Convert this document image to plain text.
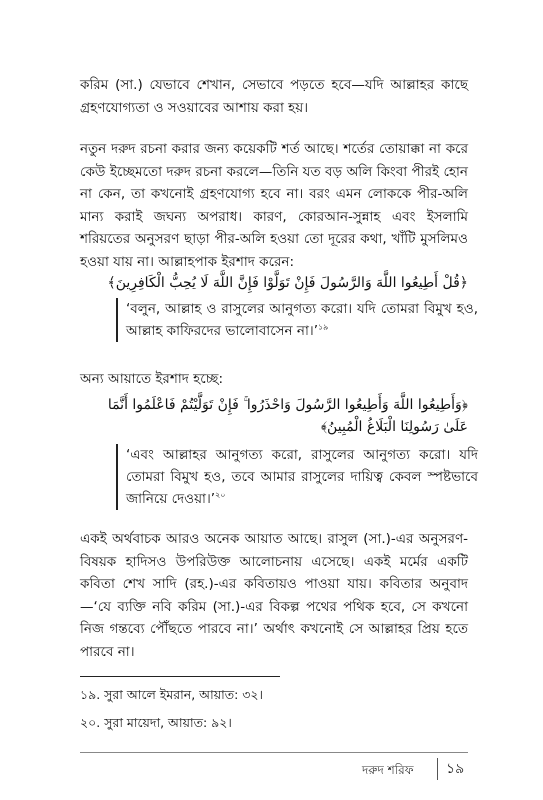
করিম (সা.) যেভাবে শেখান, সেভাবে পড়তে হবে—যদি আল্লাহর কাছে গ্রহণযোগ্যতা ও সওয়াবের আশায় করা হয়।

নতুন দরুদ রচনা করার জন্য কয়েকটি শর্ত আছে। শর্তের তোয়াক্কা না করে কেউ ইচ্ছেমতো দরুদ রচনা করলে—তিনি যত বড় অলি কিংবা পীরই হোন না কেন, তা কখনোই গ্রহণযোগ্য হবে না। বরং এমন লোককে পীর-অলি মান্য করাই জঘন্য অপরাধ। কারণ, কোরআন-সুন্নাহ এবং ইসলামি শরিয়তের অনুসরণ ছাড়া পীর-অলি হওয়া তো দূরের কথা, খাঁটি মুসলিমও হওয়া যায় না। আল্লাহপাক ইরশাদ করেন:

﴿قُلْ أَطِيعُوا اللَّهَ وَالرَّسُولَ فَإِنْ تَوَلَّوْا فَإِنَّ اللَّهَ لَا يُحِبُّ الْكَافِرِينَ﴾

‘বলুন, আল্লাহ ও রাসুলের আনুগত্য করো। যদি তোমরা বিমুখ হও, আল্লাহ কাফিরদের ভালোবাসেন না।’$^{১৯}$

অন্য আয়াতে ইরশাদ হচ্ছে:

﴿وَأَطِيعُوا اللَّهَ وَأَطِيعُوا الرَّسُولَ وَاحْذَرُوا ۚ فَإِنْ تَوَلَّيْتُمْ فَاعْلَمُوا أَنَّمَا عَلَىٰ رَسُولِنَا الْبَلَاغُ الْمُبِينُ﴾

‘এবং আল্লাহর আনুগত্য করো, রাসুলের আনুগত্য করো। যদি তোমরা বিমুখ হও, তবে আমার রাসুলের দায়িত্ব কেবল স্পষ্টভাবে জানিয়ে দেওয়া।’$^{২০}$

একই অর্থবাচক আরও অনেক আয়াত আছে। রাসুল (সা.)-এর অনুসরণ-বিষয়ক হাদিসও উপরিউক্ত আলোচনায় এসেছে। একই মর্মের একটি কবিতা শেখ সাদি (রহ.)-এর কবিতায়ও পাওয়া যায়। কবিতার অনুবাদ—‘যে ব্যক্তি নবি করিম (সা.)-এর বিকল্প পথের পথিক হবে, সে কখনো নিজ গন্তব্যে পৌঁছতে পারবে না।’ অর্থাৎ কখনোই সে আল্লাহর প্রিয় হতে পারবে না।

১৯. সুরা আলে ইমরান, আয়াত: ৩২।

২০. সুরা মায়েদা, আয়াত: ৯২।

দরুদ শরিফ ১৯
